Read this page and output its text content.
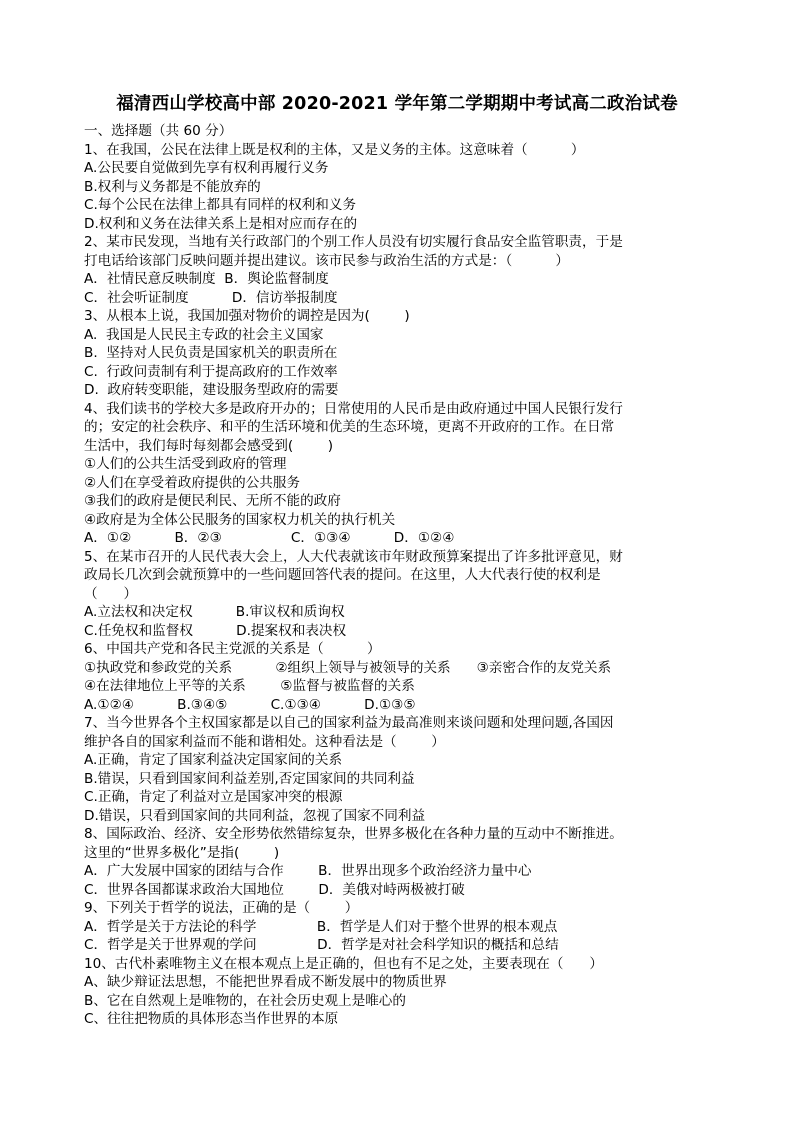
福清西山学校高中部 2020-2021 学年第二学期期中考试高二政治试卷
一、选择题（共 60 分）
1、在我国，公民在法律上既是权利的主体，又是义务的主体。这意味着（          ）
A.公民要自觉做到先享有权利再履行义务
B.权利与义务都是不能放弃的
C.每个公民在法律上都具有同样的权利和义务
D.权利和义务在法律关系上是相对应而存在的
2、某市民发现，当地有关行政部门的个别工作人员没有切实履行食品安全监管职责，于是
打电话给该部门反映问题并提出建议。该市民参与政治生活的方式是：（          ）
A．社情民意反映制度  B．舆论监督制度
C．社会听证制度          D．信访举报制度
3、从根本上说，我国加强对物价的调控是因为(        )
A.  我国是人民民主专政的社会主义国家
B.  坚持对人民负责是国家机关的职责所在
C.  行政问责制有利于提高政府的工作效率
D.  政府转变职能，建设服务型政府的需要
4、我们读书的学校大多是政府开办的；日常使用的人民币是由政府通过中国人民银行发行
的；安定的社会秩序、和平的生活环境和优美的生态环境，更离不开政府的工作。在日常
生活中，我们每时每刻都会感受到(        )
①人们的公共生活受到政府的管理
②人们在享受着政府提供的公共服务
③我们的政府是便民利民、无所不能的政府
④政府是为全体公民服务的国家权力机关的执行机关
A．①②          B．②③                C．①③④          D．①②④
5、在某市召开的人民代表大会上，人大代表就该市年财政预算案提出了许多批评意见，财
政局长几次到会就预算中的一些问题回答代表的提问。在这里，人大代表行使的权利是
（      ）
A.立法权和决定权          B.审议权和质询权
C.任免权和监督权          D.提案权和表决权
6、中国共产党和各民主党派的关系是（          ）
①执政党和参政党的关系          ②组织上领导与被领导的关系      ③亲密合作的友党关系
④在法律地位上平等的关系        ⑤监督与被监督的关系
A.①②④          B.③④⑤          C.①③④          D.①③⑤
7、当今世界各个主权国家都是以自己的国家利益为最高准则来谈问题和处理问题,各国因
维护各自的国家利益而不能和谐相处。这种看法是（        ）
A.正确，肯定了国家利益决定国家间的关系
B.错误，只看到国家间利益差别,否定国家间的共同利益
C.正确，肯定了利益对立是国家冲突的根源
D.错误，只看到国家间的共同利益，忽视了国家不同利益
8、国际政治、经济、安全形势依然错综复杂，世界多极化在各种力量的互动中不断推进。
这里的“世界多极化”是指(        )
A．广大发展中国家的团结与合作        B．世界出现多个政治经济力量中心
C．世界各国都谋求政治大国地位        D．美俄对峙两极被打破
9、下列关于哲学的说法，正确的是（        ）
A．哲学是关于方法论的科学              B．哲学是人们对于整个世界的根本观点
C．哲学是关于世界观的学问              D．哲学是对社会科学知识的概括和总结
10、古代朴素唯物主义在根本观点上是正确的，但也有不足之处，主要表现在（      ）
A、缺少辩证法思想，不能把世界看成不断发展中的物质世界
B、它在自然观上是唯物的，在社会历史观上是唯心的
C、往往把物质的具体形态当作世界的本原
